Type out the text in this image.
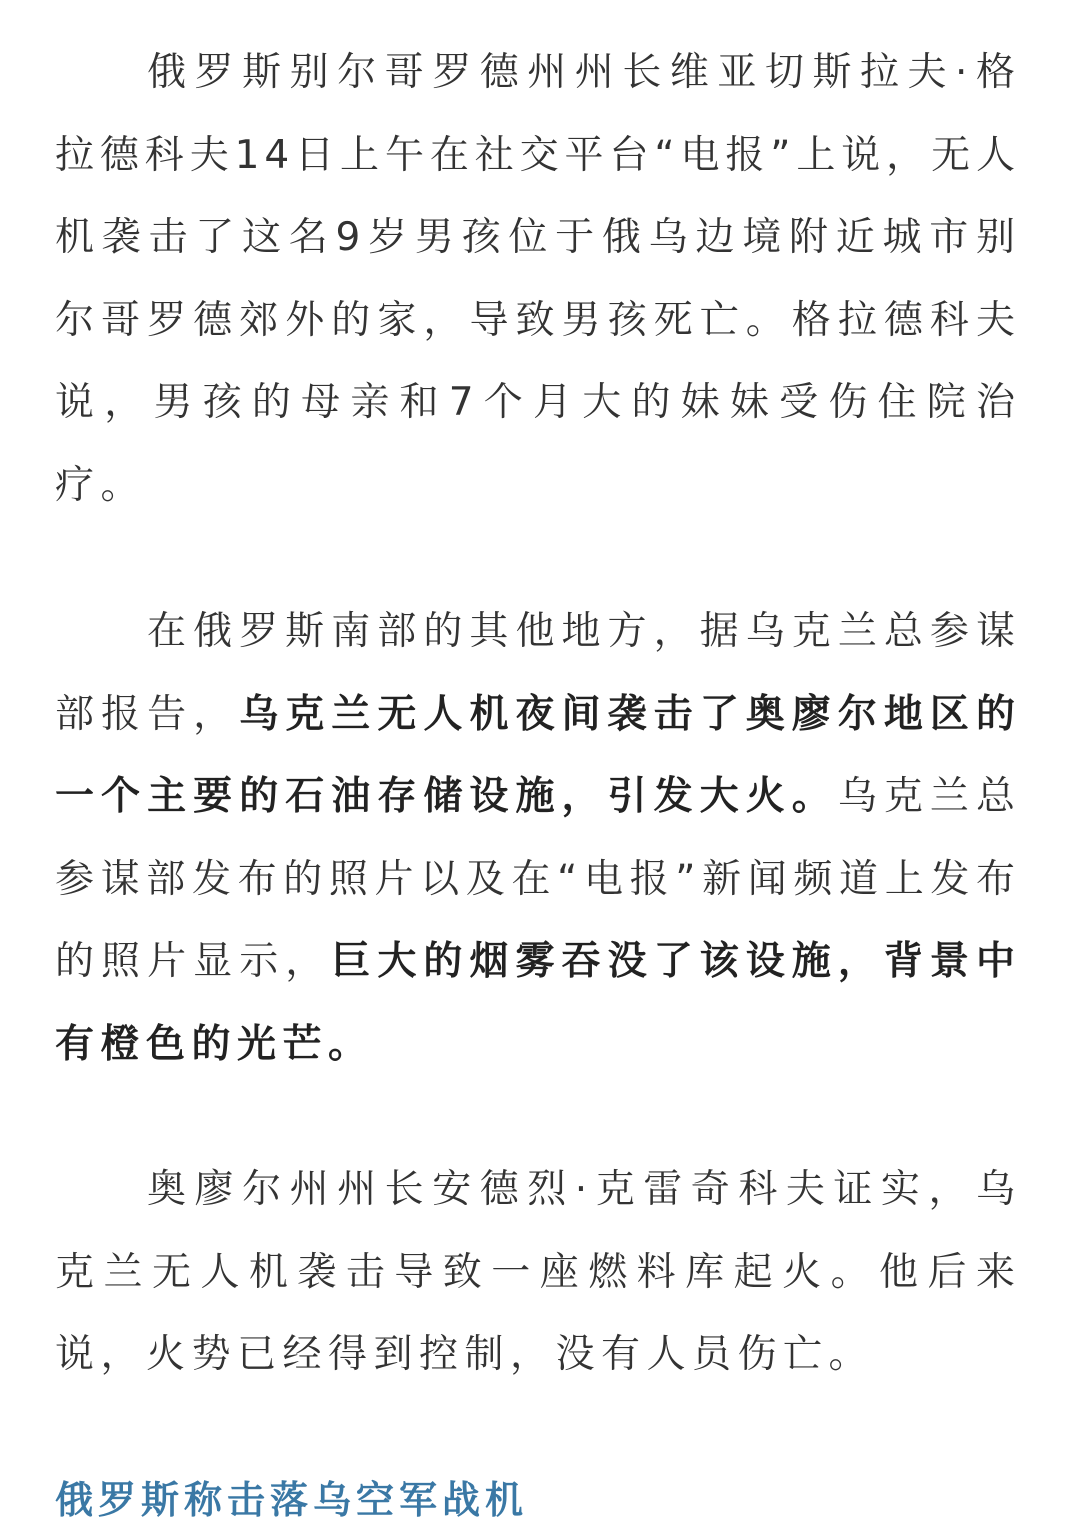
俄罗斯别尔哥罗德州州长维亚切斯拉夫·格
拉德科夫14日上午在社交平台“电报”上说，无人
机袭击了这名9岁男孩位于俄乌边境附近城市别
尔哥罗德郊外的家，导致男孩死亡。格拉德科夫
说，男孩的母亲和7个月大的妹妹受伤住院治
疗。
在俄罗斯南部的其他地方，据乌克兰总参谋
部报告，乌克兰无人机夜间袭击了奥廖尔地区的
一个主要的石油存储设施，引发大火。乌克兰总
参谋部发布的照片以及在“电报”新闻频道上发布
的照片显示，巨大的烟雾吞没了该设施，背景中
有橙色的光芒。
奥廖尔州州长安德烈·克雷奇科夫证实，乌
克兰无人机袭击导致一座燃料库起火。他后来
说，火势已经得到控制，没有人员伤亡。
俄罗斯称击落乌空军战机
